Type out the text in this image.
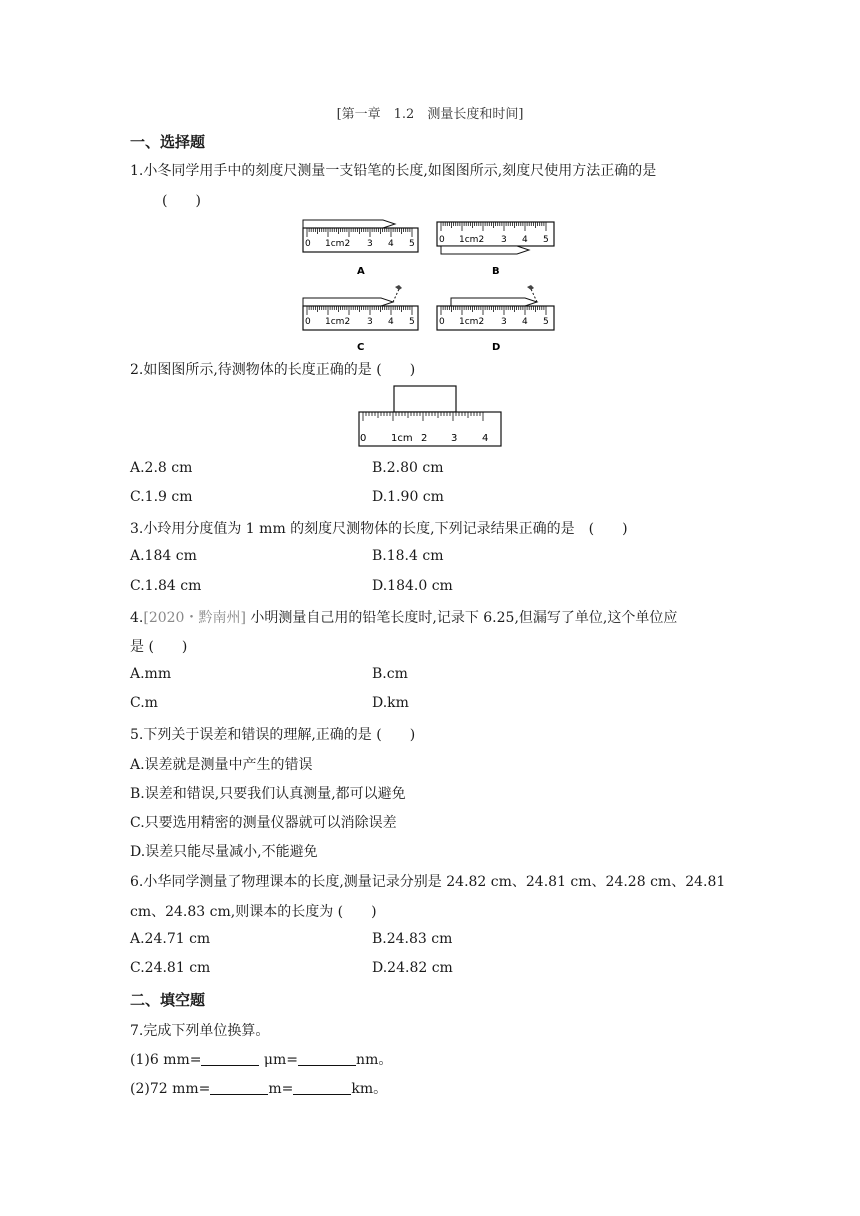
[第一章　1.2　测量长度和时间]
一、选择题
1.小冬同学用手中的刻度尺测量一支铅笔的长度,如图图所示,刻度尺使用方法正确的是
(　　)
0 1cm2 3 4 5
A
0 1cm2 3 4 5
B
0 1cm2 3 4 5
C
0 1cm2 3 4 5
D
2.如图图所示,待测物体的长度正确的是 (　　)
0 1cm 2 3 4
A.2.8 cm	B.2.80 cm
C.1.9 cm	D.1.90 cm
3.小玲用分度值为 1 mm 的刻度尺测物体的长度,下列记录结果正确的是　(　　)
A.184 cm	B.18.4 cm
C.1.84 cm	D.184.0 cm
4.[2020・黔南州] 小明测量自己用的铅笔长度时,记录下 6.25,但漏写了单位,这个单位应
是 (　　)
A.mm	B.cm
C.m	D.km
5.下列关于误差和错误的理解,正确的是 (　　)
A.误差就是测量中产生的错误
B.误差和错误,只要我们认真测量,都可以避免
C.只要选用精密的测量仪器就可以消除误差
D.误差只能尽量减小,不能避免
6.小华同学测量了物理课本的长度,测量记录分别是 24.82 cm、24.81 cm、24.28 cm、24.81
cm、24.83 cm,则课本的长度为 (　　)
A.24.71 cm	B.24.83 cm
C.24.81 cm	D.24.82 cm
二、填空题
7.完成下列单位换算。
(1)6 mm=	μm=	nm。
(2)72 mm=	m=	km。
